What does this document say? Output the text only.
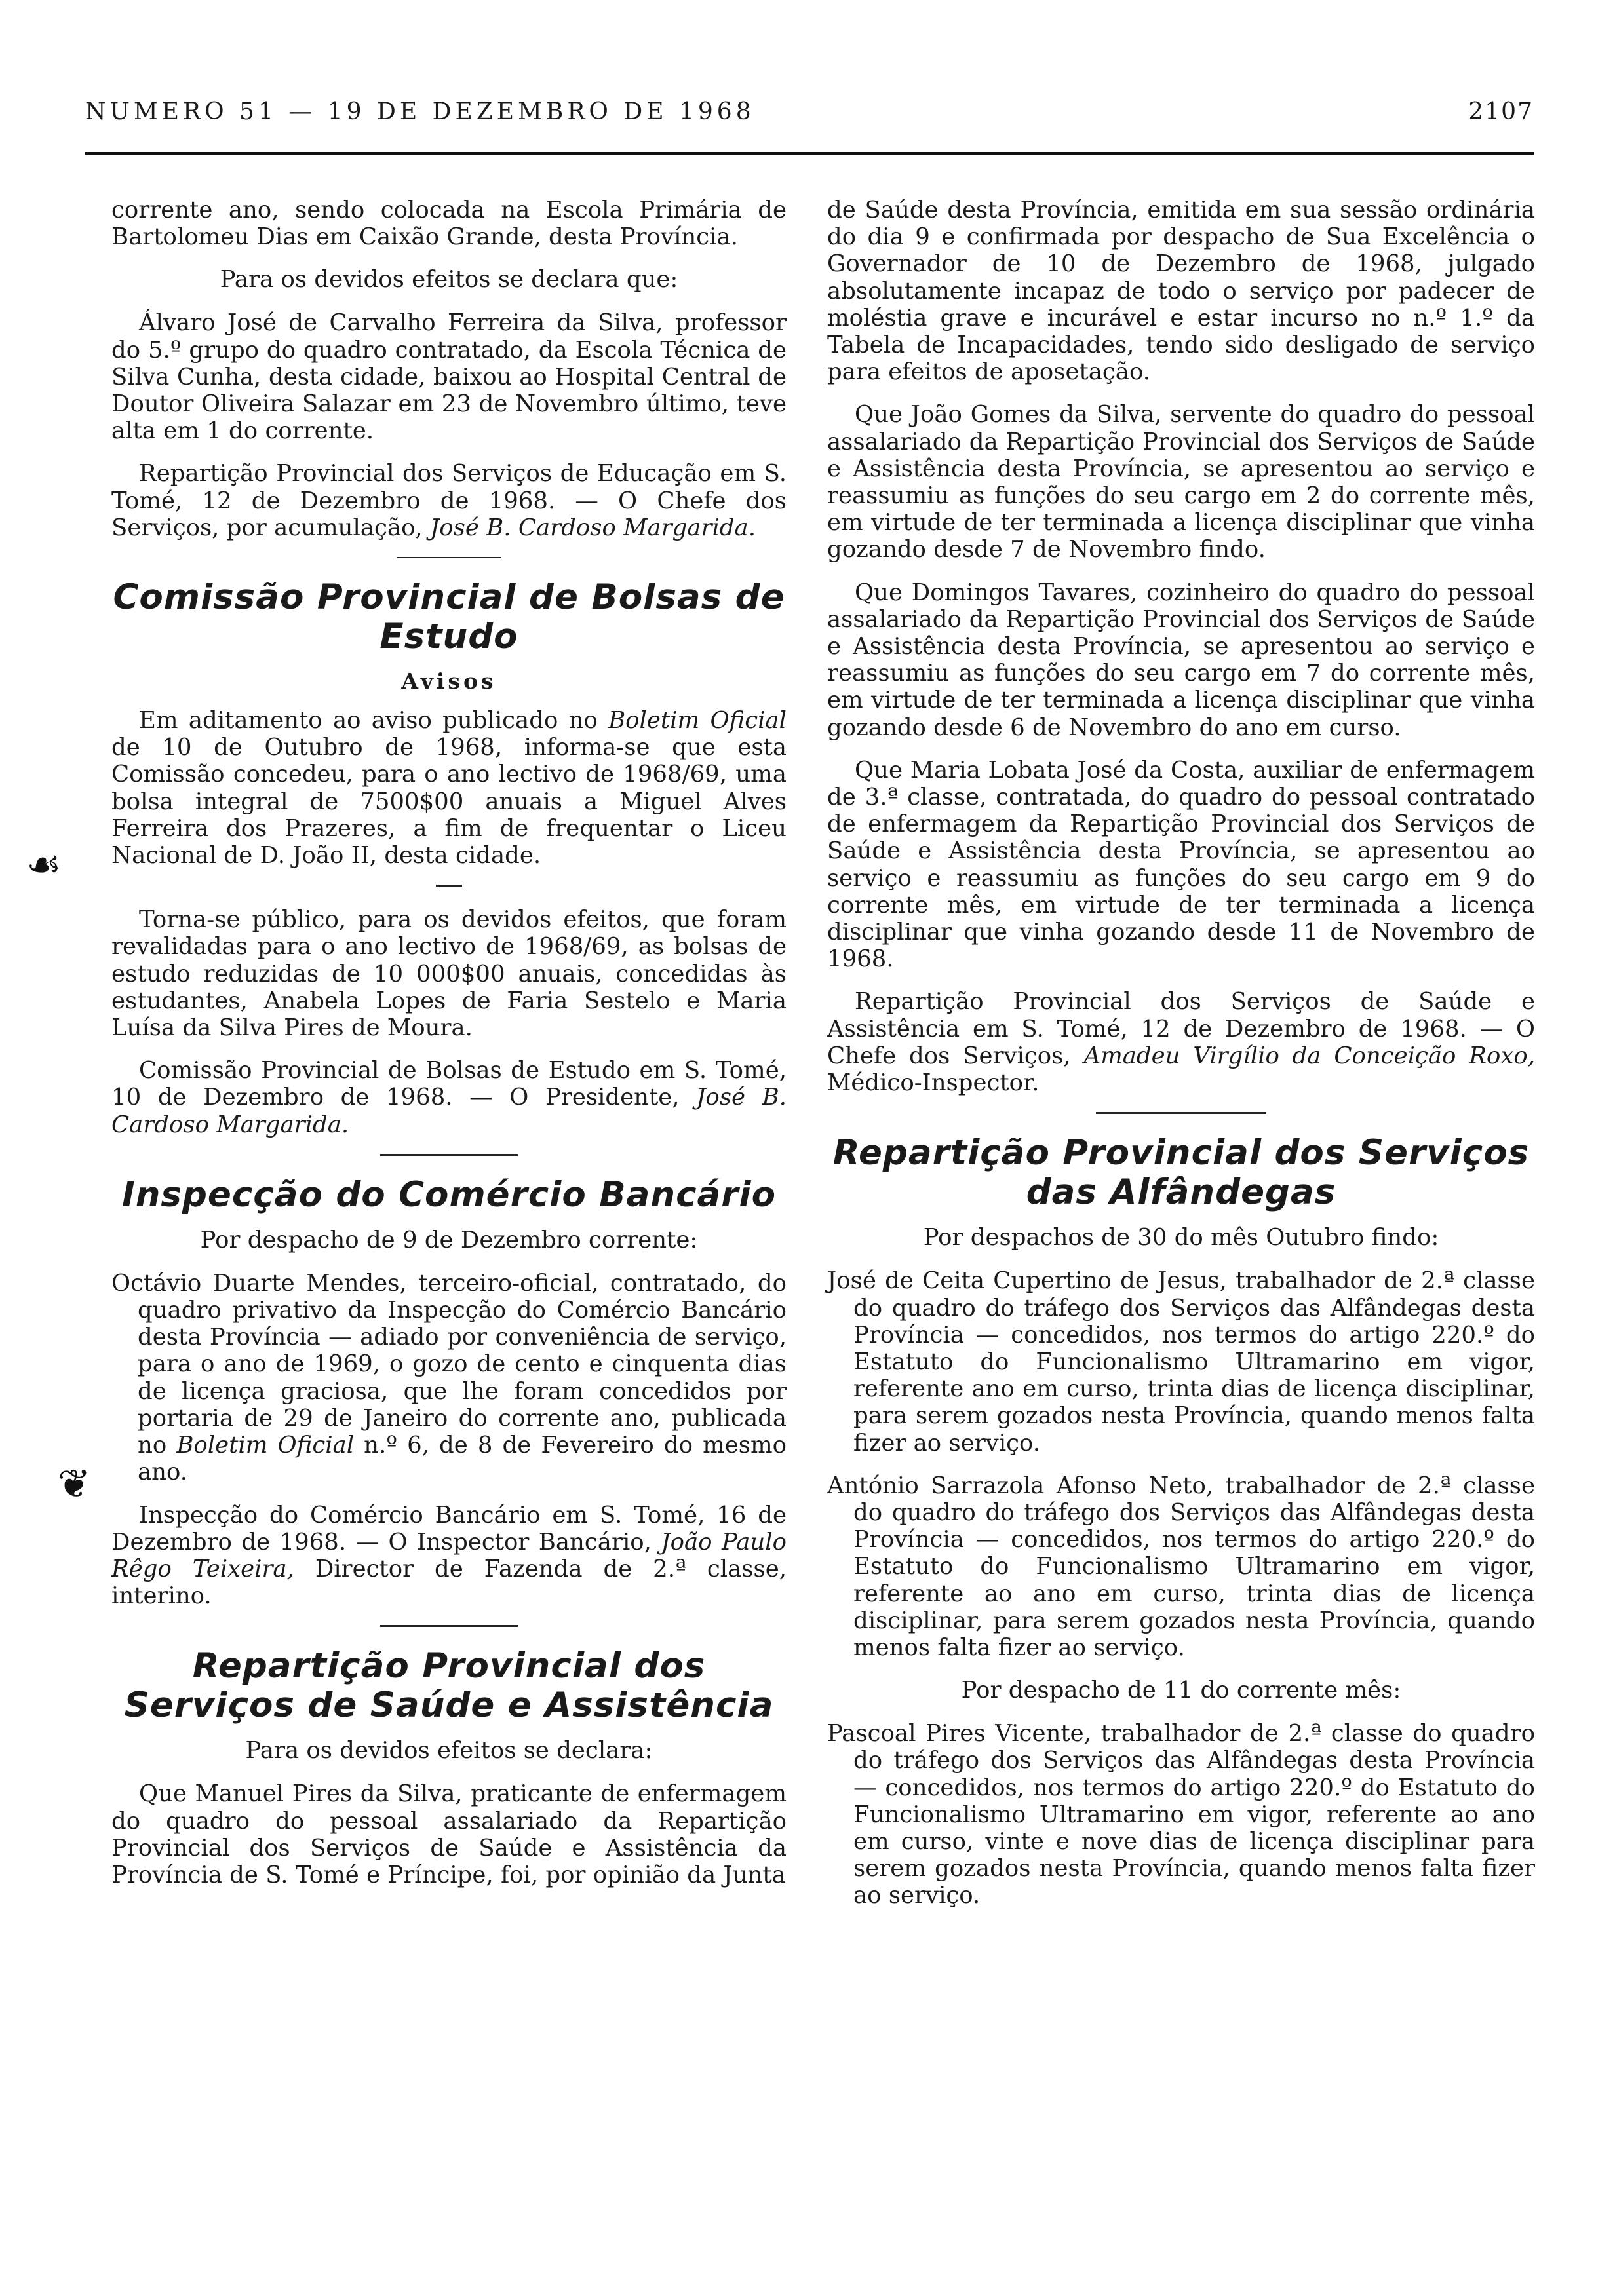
NUMERO 51 — 19 DE DEZEMBRO DE 1968	2107
☙
❦

corrente ano, sendo colocada na Escola Primária de Bartolomeu Dias em Caixão Grande, desta Província.

Para os devidos efeitos se declara que:

Álvaro José de Carvalho Ferreira da Silva, professor do 5.º grupo do quadro contratado, da Escola Técnica de Silva Cunha, desta cidade, baixou ao Hospital Central de Doutor Oliveira Salazar em 23 de Novembro último, teve alta em 1 do corrente.

Repartição Provincial dos Serviços de Educação em S. Tomé, 12 de Dezembro de 1968. — O Chefe dos Serviços, por acumulação, José B. Cardoso Margarida.

Comissão Provincial de Bolsas de Estudo
Avisos

Em aditamento ao aviso publicado no Boletim Oficial de 10 de Outubro de 1968, informa-se que esta Comissão concedeu, para o ano lectivo de 1968/69, uma bolsa integral de 7500$00 anuais a Miguel Alves Ferreira dos Prazeres, a fim de frequentar o Liceu Nacional de D. João II, desta cidade.

Torna-se público, para os devidos efeitos, que foram revalidadas para o ano lectivo de 1968/69, as bolsas de estudo reduzidas de 10 000$00 anuais, concedidas às estudantes, Anabela Lopes de Faria Sestelo e Maria Luísa da Silva Pires de Moura.

Comissão Provincial de Bolsas de Estudo em S. Tomé, 10 de Dezembro de 1968. — O Presidente, José B. Cardoso Margarida.

Inspecção do Comércio Bancário

Por despacho de 9 de Dezembro corrente:

Octávio Duarte Mendes, terceiro-oficial, contratado, do quadro privativo da Inspecção do Comércio Bancário desta Província — adiado por conveniência de serviço, para o ano de 1969, o gozo de cento e cinquenta dias de licença graciosa, que lhe foram concedidos por portaria de 29 de Janeiro do corrente ano, publicada no Boletim Oficial n.º 6, de 8 de Fevereiro do mesmo ano.

Inspecção do Comércio Bancário em S. Tomé, 16 de Dezembro de 1968. — O Inspector Bancário, João Paulo Rêgo Teixeira, Director de Fazenda de 2.ª classe, interino.

Repartição Provincial dos Serviços de Saúde e Assistência

Para os devidos efeitos se declara:

Que Manuel Pires da Silva, praticante de enfermagem do quadro do pessoal assalariado da Repartição Provincial dos Serviços de Saúde e Assistência da Província de S. Tomé e Príncipe, foi, por opinião da Junta

de Saúde desta Província, emitida em sua sessão ordinária do dia 9 e confirmada por despacho de Sua Excelência o Governador de 10 de Dezembro de 1968, julgado absolutamente incapaz de todo o serviço por padecer de moléstia grave e incurável e estar incurso no n.º 1.º da Tabela de Incapacidades, tendo sido desligado de serviço para efeitos de aposetação.

Que João Gomes da Silva, servente do quadro do pessoal assalariado da Repartição Provincial dos Serviços de Saúde e Assistência desta Província, se apresentou ao serviço e reassumiu as funções do seu cargo em 2 do corrente mês, em virtude de ter terminada a licença disciplinar que vinha gozando desde 7 de Novembro findo.

Que Domingos Tavares, cozinheiro do quadro do pessoal assalariado da Repartição Provincial dos Serviços de Saúde e Assistência desta Província, se apresentou ao serviço e reassumiu as funções do seu cargo em 7 do corrente mês, em virtude de ter terminada a licença disciplinar que vinha gozando desde 6 de Novembro do ano em curso.

Que Maria Lobata José da Costa, auxiliar de enfermagem de 3.ª classe, contratada, do quadro do pessoal contratado de enfermagem da Repartição Provincial dos Serviços de Saúde e Assistência desta Província, se apresentou ao serviço e reassumiu as funções do seu cargo em 9 do corrente mês, em virtude de ter terminada a licença disciplinar que vinha gozando desde 11 de Novembro de 1968.

Repartição Provincial dos Serviços de Saúde e Assistência em S. Tomé, 12 de Dezembro de 1968. — O Chefe dos Serviços, Amadeu Virgílio da Conceição Roxo, Médico-Inspector.

Repartição Provincial dos Serviços das Alfândegas

Por despachos de 30 do mês Outubro findo:

José de Ceita Cupertino de Jesus, trabalhador de 2.ª classe do quadro do tráfego dos Serviços das Alfândegas desta Província — concedidos, nos termos do artigo 220.º do Estatuto do Funcionalismo Ultramarino em vigor, referente ano em curso, trinta dias de licença disciplinar, para serem gozados nesta Província, quando menos falta fizer ao serviço.

António Sarrazola Afonso Neto, trabalhador de 2.ª classe do quadro do tráfego dos Serviços das Alfândegas desta Província — concedidos, nos termos do artigo 220.º do Estatuto do Funcionalismo Ultramarino em vigor, referente ao ano em curso, trinta dias de licença disciplinar, para serem gozados nesta Província, quando menos falta fizer ao serviço.

Por despacho de 11 do corrente mês:

Pascoal Pires Vicente, trabalhador de 2.ª classe do quadro do tráfego dos Serviços das Alfândegas desta Província — concedidos, nos termos do artigo 220.º do Estatuto do Funcionalismo Ultramarino em vigor, referente ao ano em curso, vinte e nove dias de licença disciplinar para serem gozados nesta Província, quando menos falta fizer ao serviço.
